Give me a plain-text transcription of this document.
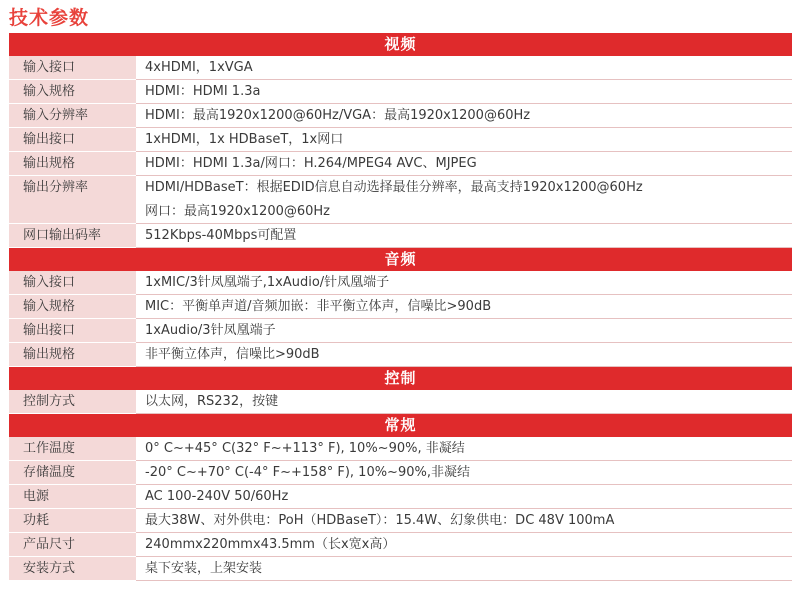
技术参数
视频
输入接口	4xHDMI，1xVGA
输入规格	HDMI：HDMI 1.3a
输入分辨率	HDMI：最高1920x1200@60Hz/VGA：最高1920x1200@60Hz
输出接口	1xHDMI，1x HDBaseT，1x网口
输出规格	HDMI：HDMI 1.3a/网口：H.264/MPEG4 AVC、MJPEG
输出分辨率	HDMI/HDBaseT：根据EDID信息自动选择最佳分辨率，最高支持1920x1200@60Hz
网口：最高1920x1200@60Hz
网口输出码率	512Kbps-40Mbps可配置
音频
输入接口	1xMIC/3针凤凰端子,1xAudio/针凤凰端子
输入规格	MIC：平衡单声道/音频加嵌：非平衡立体声，信噪比>90dB
输出接口	1xAudio/3针凤凰端子
输出规格	非平衡立体声，信噪比>90dB
控制
控制方式	以太网，RS232，按键
常规
工作温度	0° C~+45° C(32° F~+113° F), 10%~90%, 非凝结
存储温度	-20° C~+70° C(-4° F~+158° F), 10%~90%,非凝结
电源	AC 100-240V 50/60Hz
功耗	最大38W、对外供电：PoH（HDBaseT）：15.4W、幻象供电：DC 48V 100mA
产品尺寸	240mmx220mmx43.5mm（长x宽x高）
安装方式	桌下安装，上架安装
